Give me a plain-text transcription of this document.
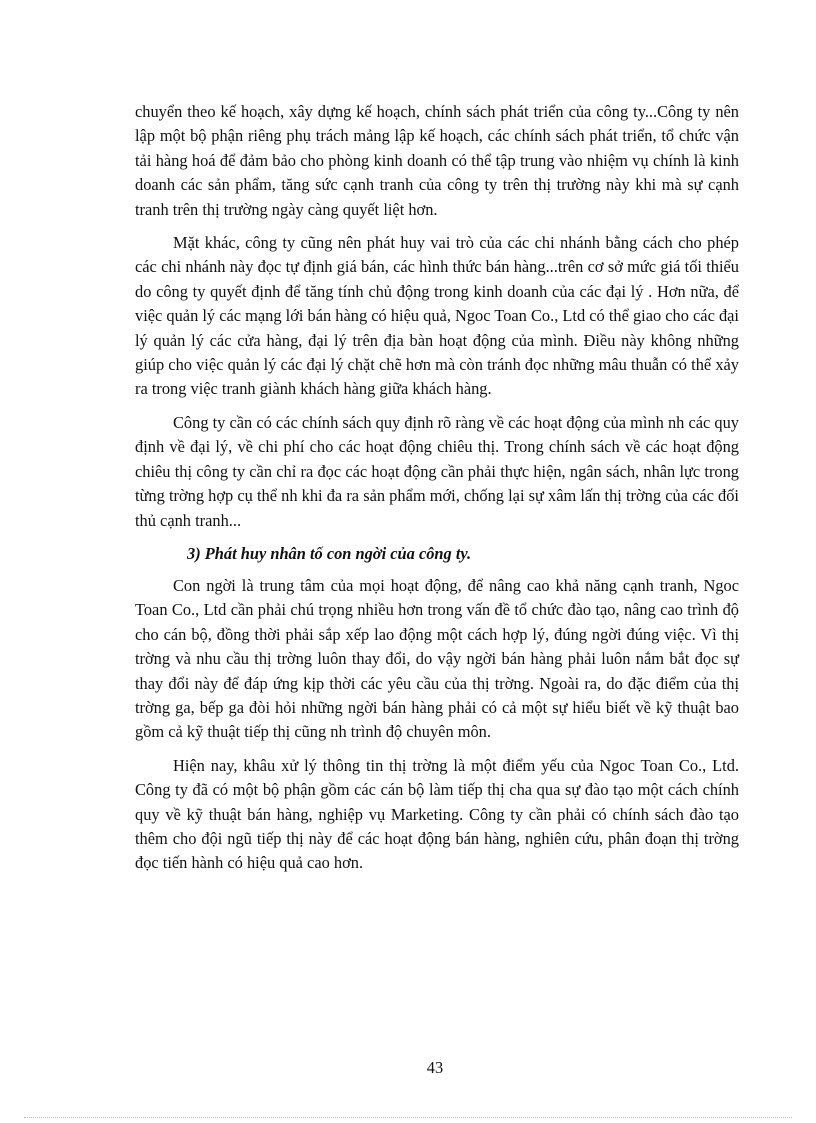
chuyển theo kế hoạch, xây dựng kế hoạch, chính sách phát triển của công ty...Công ty nên lập một bộ phận riêng phụ trách mảng lập kế hoạch, các chính sách phát triển, tổ chức vận tải hàng hoá để đảm bảo cho phòng kinh doanh có thể tập trung vào nhiệm vụ chính là kinh doanh các sản phẩm, tăng sức cạnh tranh của công ty trên thị trường này khi mà sự cạnh tranh trên thị trường ngày càng quyết liệt hơn.

Mặt khác, công ty cũng nên phát huy vai trò của các chi nhánh bằng cách cho phép các chi nhánh này đọc tự định giá bán, các hình thức bán hàng...trên cơ sở mức giá tối thiểu do công ty quyết định để tăng tính chủ động trong kinh doanh của các đại lý . Hơn nữa, để việc quản lý các mạng lới bán hàng có hiệu quả, Ngoc Toan Co., Ltd có thể giao cho các đại lý quản lý các cửa hàng, đại lý trên địa bàn hoạt động của mình. Điều này không những giúp cho việc quản lý các đại lý chặt chẽ hơn mà còn tránh đọc những mâu thuẫn có thể xảy ra trong việc tranh giành khách hàng giữa khách hàng.

Công ty cần có các chính sách quy định rõ ràng về các hoạt động của mình nh các quy định về đại lý, về chi phí cho các hoạt động chiêu thị. Trong chính sách về các hoạt động chiêu thị công ty cần chỉ ra đọc các hoạt động cần phải thực hiện, ngân sách, nhân lực trong từng trờng hợp cụ thể nh khi đa ra sản phẩm mới, chống lại sự xâm lấn thị trờng của các đối thủ cạnh tranh...

3) Phát huy nhân tố con ngời của công ty.

Con ngời là trung tâm của mọi hoạt động, để nâng cao khả năng cạnh tranh, Ngoc Toan Co., Ltd cần phải chú trọng nhiều hơn trong vấn đề tổ chức đào tạo, nâng cao trình độ cho cán bộ, đồng thời phải sắp xếp lao động một cách hợp lý, đúng ngời đúng việc. Vì thị trờng và nhu cầu thị trờng luôn thay đổi, do vậy ngời bán hàng phải luôn nắm bắt đọc sự thay đổi này để đáp ứng kịp thời các yêu cầu của thị trờng. Ngoài ra, do đặc điểm của thị trờng ga, bếp ga đòi hỏi những ngời bán hàng phải có cả một sự hiểu biết về kỹ thuật bao gồm cả kỹ thuật tiếp thị cũng nh trình độ chuyên môn.

Hiện nay, khâu xử lý thông tin thị trờng là một điểm yếu của Ngoc Toan Co., Ltd. Công ty đã có một bộ phận gồm các cán bộ làm tiếp thị cha qua sự đào tạo một cách chính quy về kỹ thuật bán hàng, nghiệp vụ Marketing. Công ty cần phải có chính sách đào tạo thêm cho đội ngũ tiếp thị này để các hoạt động bán hàng, nghiên cứu, phân đoạn thị trờng đọc tiến hành có hiệu quả cao hơn.

43
